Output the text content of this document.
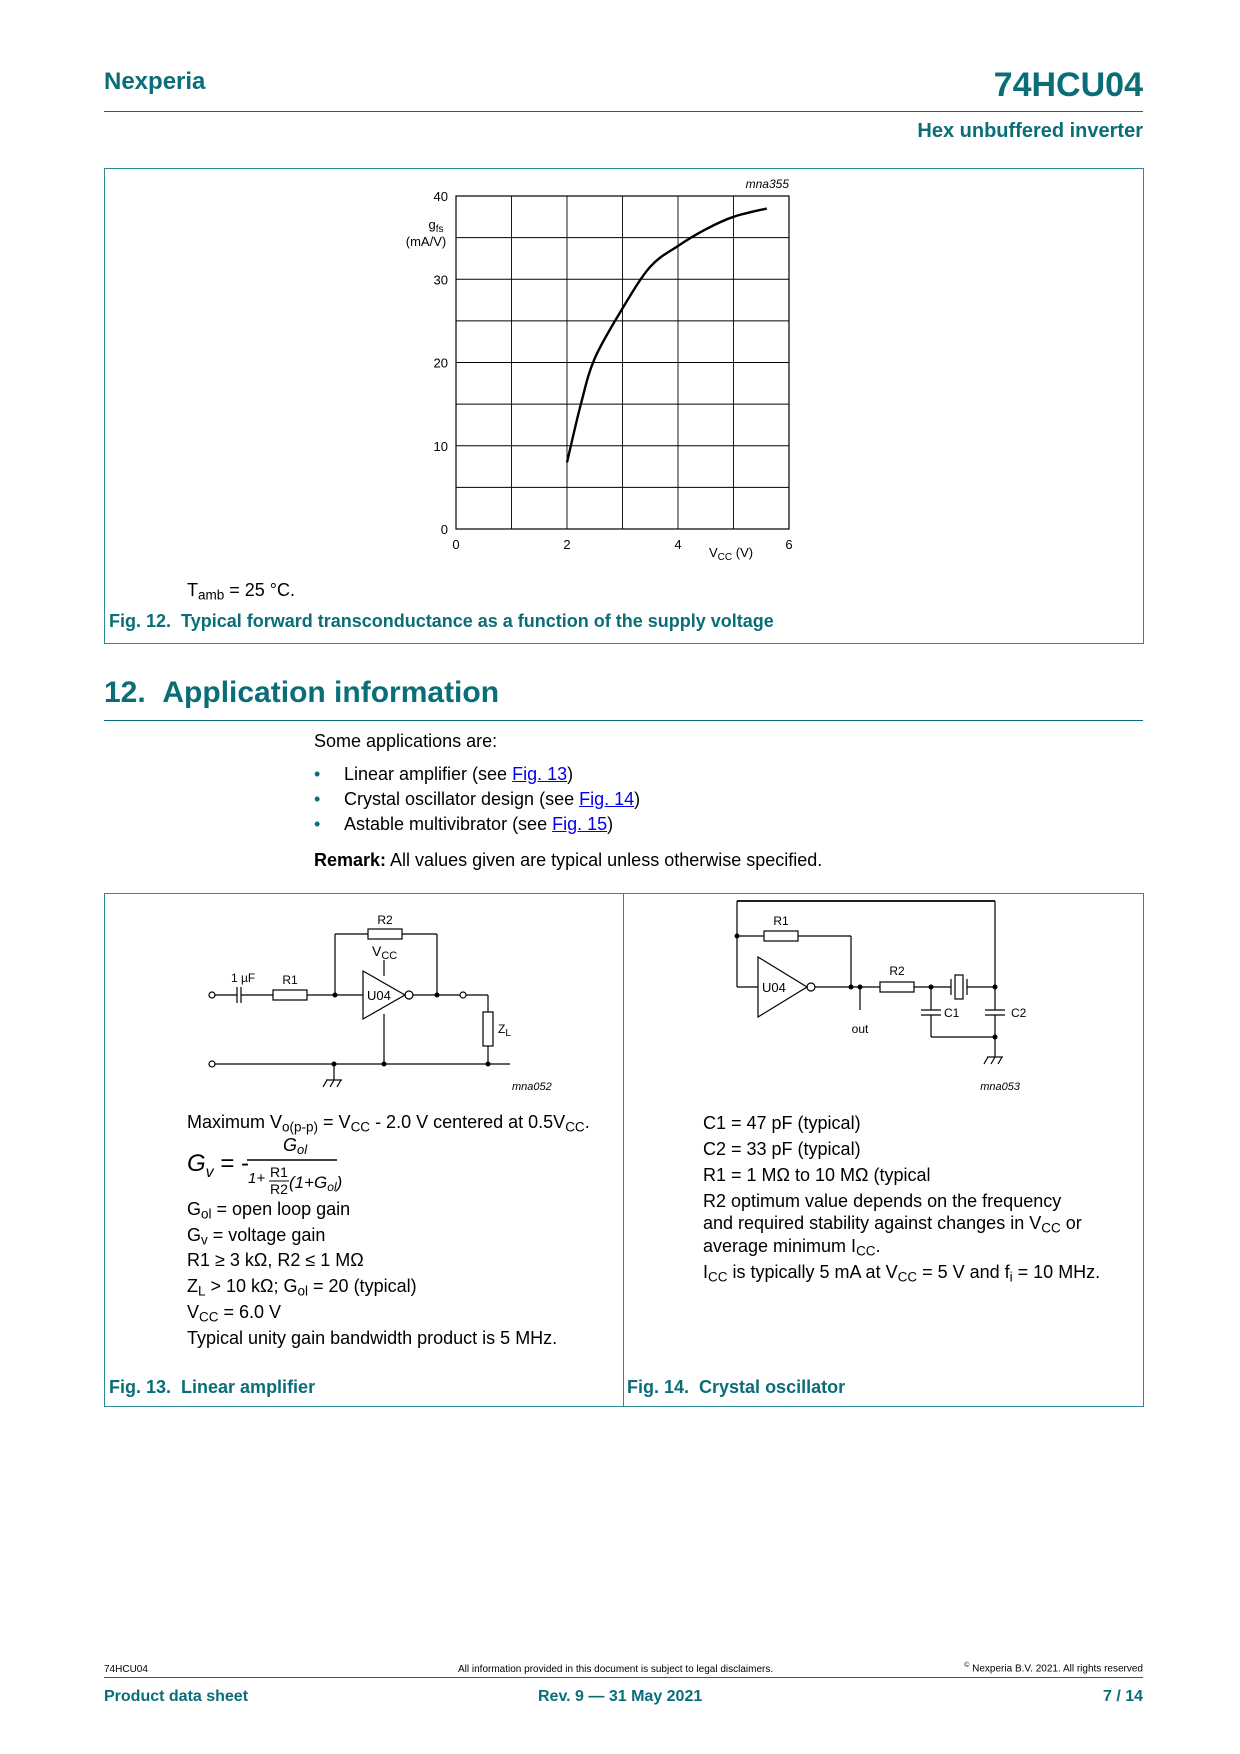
Nexperia	74HCU04
Hex unbuffered inverter
0
10
20
30
40
0	2	4	6
$g_{fs}$
(mA/V)
$V_{CC}$ (V)
mna355
$T_{amb} = 25$ °C.
Fig. 12. Typical forward transconductance as a function of the supply voltage
12. Application information
Some applications are:
• Linear amplifier (see Fig. 13)
• Crystal oscillator design (see Fig. 14)
• Astable multivibrator (see Fig. 15)
Remark: All values given are typical unless otherwise specified.
R2
$V_{CC}$
1 µF R1
U04
$Z_L$
mna052
Maximum $V_{o(p-p)} = V_{CC} - 2.0$ V centered at $0.5V_{CC}$.
$G_v$ = -
Gol
1+ R1
R2 (1+Gol)
$G_{ol}$ = open loop gain
$G_v$ = voltage gain
R1 ≥ 3 kΩ, R2 ≤ 1 MΩ
$Z_L > 10$ kΩ; $G_{ol} = 20$ (typical)
$V_{CC} = 6.0$ V
Typical unity gain bandwidth product is 5 MHz.
Fig. 13. Linear amplifier
R1
R2
U04
out
C1	C2
mna053
C1 = 47 pF (typical)
C2 = 33 pF (typical)
R1 = 1 MΩ to 10 MΩ (typical
R2 optimum value depends on the frequency
and required stability against changes in $V_{CC}$ or
average minimum $I_{CC}$.
$I_{CC}$ is typically 5 mA at $V_{CC} = 5$ V and $f_i = 10$ MHz.
Fig. 14. Crystal oscillator
74HCU04	All information provided in this document is subject to legal disclaimers.	© Nexperia B.V. 2021. All rights reserved
Product data sheet	Rev. 9 — 31 May 2021	7 / 14
